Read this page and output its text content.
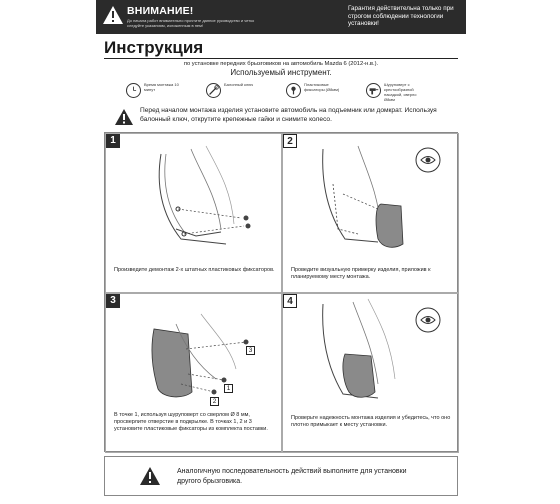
ВНИМАНИЕ!
До начала работ внимательно прочтите данное руководство и четко следуйте указаниям, изложенным в нем!
Гарантия действительна только при строгом соблюдении технологии установки!
Инструкция
по установке передних брызговиков на автомобиль Mazda 6 (2012-н.в.).
Используемый инструмент.
Время монтажа 10 минут
Балонный ключ	Пластиковые фиксаторы (Ø8мм)
Шуруповерт с крестообразной насадкой, сверло Ø8мм
Перед началом монтажа изделия установите автомобиль на подъемник или домкрат. Используя балонный ключ, открутите крепежные гайки и снимите колесо.
1
Произведите демонтаж 2-х штатных пластиковых фиксаторов.
2
Проведите визуальную примерку изделия, приложив к планируемому месту монтажа.
3
3
2
1
В точке 1, используя шуруповерт со сверлом Ø 8 мм, просверлите отверстие в подкрылке. В точках 1, 2 и 3 установите пластиковые фиксаторы из комплекта поставки.
4
Проверьте надежность монтажа изделия и убедитесь, что оно плотно примыкает к месту установки.
Аналогичную последовательность действий выполните для установки другого брызговика.
